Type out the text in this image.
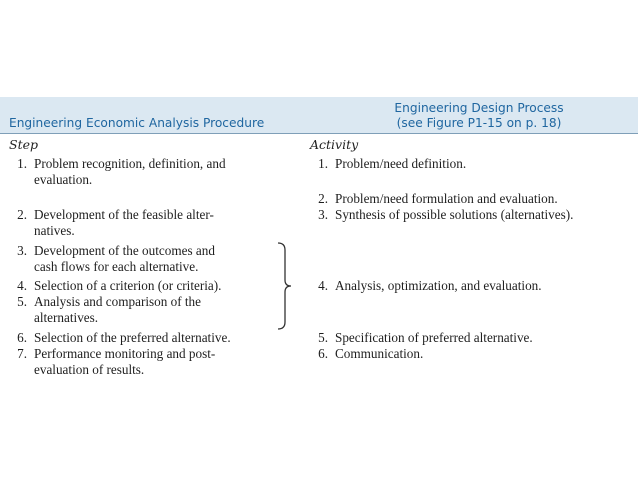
Engineering Economic Analysis Procedure
Engineering Design Process
(see Figure P1-15 on p. 18)
Step	Activity
1. Problem recognition, definition, and
evaluation.
2. Development of the feasible alter-
natives.
3. Development of the outcomes and
cash flows for each alternative.
4. Selection of a criterion (or criteria).
5. Analysis and comparison of the
alternatives.
6. Selection of the preferred alternative.
7. Performance monitoring and post-
evaluation of results.
1. Problem/need definition.
2. Problem/need formulation and evaluation.
3. Synthesis of possible solutions (alternatives).
4. Analysis, optimization, and evaluation.
5. Specification of preferred alternative.
6. Communication.
